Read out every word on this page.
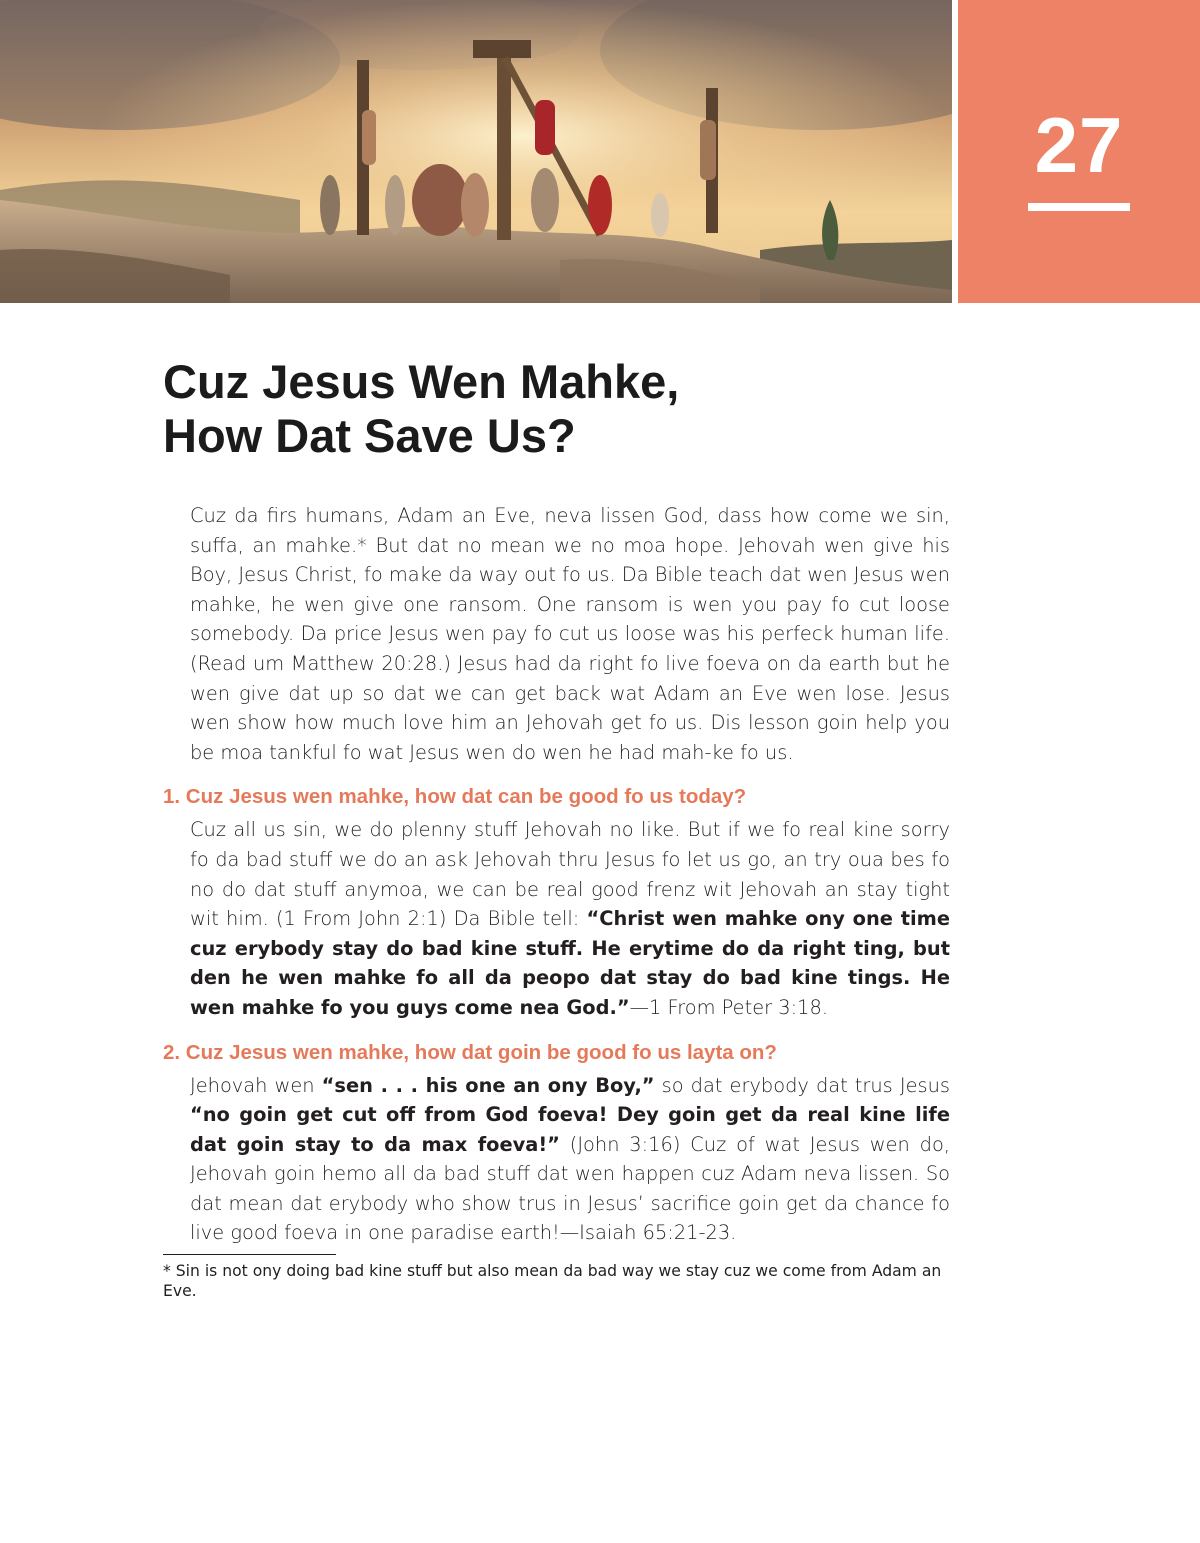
27
Cuz Jesus Wen Mahke,
How Dat Save Us?

Cuz da firs humans, Adam an Eve, neva lissen God, dass how come we sin, suffa, an mahke.* But dat no mean we no moa hope. Jehovah wen give his Boy, Jesus Christ, fo make da way out fo us. Da Bible teach dat wen Jesus wen mahke, he wen give one ransom. One ransom is wen you pay fo cut loose somebody. Da price Jesus wen pay fo cut us loose was his perfeck human life. (Read um Matthew 20:28.) Jesus had da right fo live foeva on da earth but he wen give dat up so dat we can get back wat Adam an Eve wen lose. Jesus wen show how much love him an Jehovah get fo us. Dis lesson goin help you be moa tankful fo wat Jesus wen do wen he had mah-ke fo us.

1. Cuz Jesus wen mahke, how dat can be good fo us today?

Cuz all us sin, we do plenny stuff Jehovah no like. But if we fo real kine sorry fo da bad stuff we do an ask Jehovah thru Jesus fo let us go, an try oua bes fo no do dat stuff anymoa, we can be real good frenz wit Jehovah an stay tight wit him. (1 From John 2:1) Da Bible tell: “Christ wen mahke ony one time cuz erybody stay do bad kine stuff. He erytime do da right ting, but den he wen mahke fo all da peopo dat stay do bad kine tings. He wen mahke fo you guys come nea God.”—1 From Peter 3:18.

2. Cuz Jesus wen mahke, how dat goin be good fo us layta on?

Jehovah wen “sen . . . his one an ony Boy,” so dat erybody dat trus Jesus “no goin get cut off from God foeva! Dey goin get da real kine life dat goin stay to da max foeva!” (John 3:16) Cuz of wat Jesus wen do, Jehovah goin hemo all da bad stuff dat wen happen cuz Adam neva lissen. So dat mean dat erybody who show trus in Jesus’ sacrifice goin get da chance fo live good foeva in one paradise earth!—Isaiah 65:21-23.

* Sin is not ony doing bad kine stuff but also mean da bad way we stay cuz we come from Adam an Eve.
